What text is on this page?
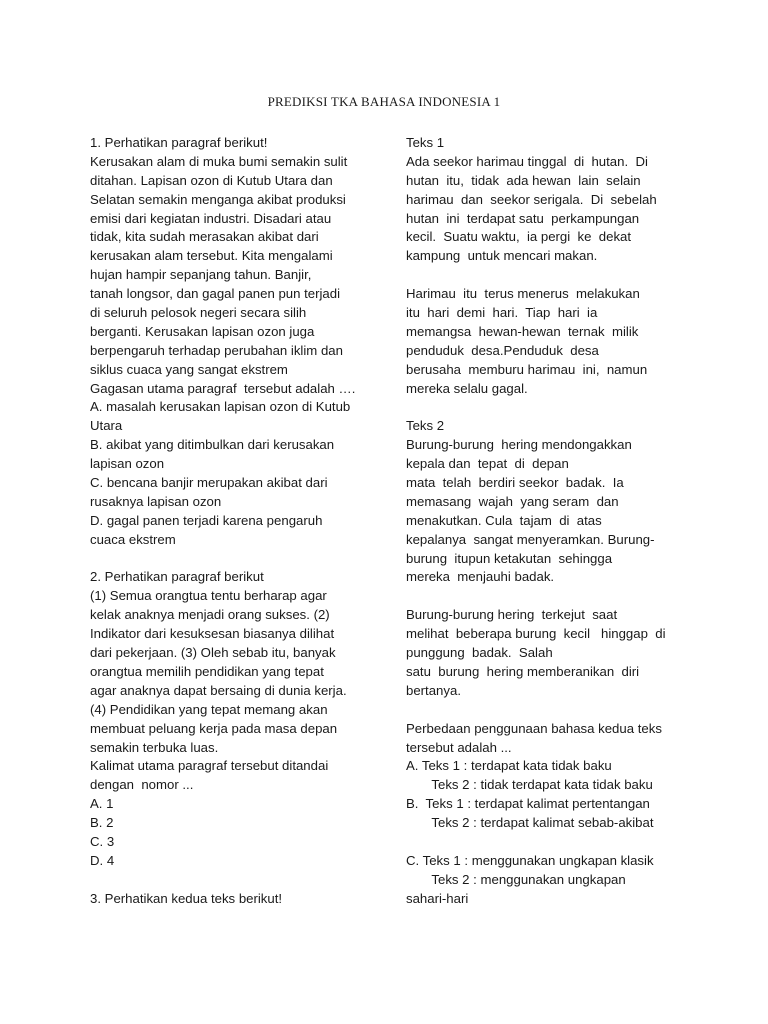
PREDIKSI TKA BAHASA INDONESIA 1
1. Perhatikan paragraf berikut!
Kerusakan alam di muka bumi semakin sulit
ditahan. Lapisan ozon di Kutub Utara dan
Selatan semakin menganga akibat produksi
emisi dari kegiatan industri. Disadari atau
tidak, kita sudah merasakan akibat dari
kerusakan alam tersebut. Kita mengalami
hujan hampir sepanjang tahun. Banjir,
tanah longsor, dan gagal panen pun terjadi
di seluruh pelosok negeri secara silih
berganti. Kerusakan lapisan ozon juga
berpengaruh terhadap perubahan iklim dan
siklus cuaca yang sangat ekstrem
Gagasan utama paragraf  tersebut adalah ….
A. masalah kerusakan lapisan ozon di Kutub
Utara
B. akibat yang ditimbulkan dari kerusakan
lapisan ozon
C. bencana banjir merupakan akibat dari
rusaknya lapisan ozon
D. gagal panen terjadi karena pengaruh
cuaca ekstrem
2. Perhatikan paragraf berikut
(1) Semua orangtua tentu berharap agar
kelak anaknya menjadi orang sukses. (2)
Indikator dari kesuksesan biasanya dilihat
dari pekerjaan. (3) Oleh sebab itu, banyak
orangtua memilih pendidikan yang tepat
agar anaknya dapat bersaing di dunia kerja.
(4) Pendidikan yang tepat memang akan
membuat peluang kerja pada masa depan
semakin terbuka luas.
Kalimat utama paragraf tersebut ditandai
dengan  nomor ...
A. 1
B. 2
C. 3
D. 4
3. Perhatikan kedua teks berikut!
Teks 1
Ada seekor harimau tinggal  di  hutan.  Di
hutan  itu,  tidak  ada hewan  lain  selain
harimau  dan  seekor serigala.  Di  sebelah
hutan  ini  terdapat satu  perkampungan
kecil.  Suatu waktu,  ia pergi  ke  dekat
kampung  untuk mencari makan.
Harimau  itu  terus menerus  melakukan
itu  hari  demi  hari.  Tiap  hari  ia
memangsa  hewan-hewan  ternak  milik
penduduk  desa.Penduduk  desa
berusaha  memburu harimau  ini,  namun
mereka selalu gagal.
Teks 2
Burung-burung  hering mendongakkan
kepala dan  tepat  di  depan
mata  telah  berdiri seekor  badak.  Ia
memasang  wajah  yang seram  dan
menakutkan. Cula  tajam  di  atas
kepalanya  sangat menyeramkan. Burung-
burung  itupun ketakutan  sehingga
mereka  menjauhi badak.
Burung-burung hering  terkejut  saat
melihat  beberapa burung  kecil   hinggap  di
punggung  badak.  Salah
satu  burung  hering memberanikan  diri
bertanya.
Perbedaan penggunaan bahasa kedua teks
tersebut adalah ...
A. Teks 1 : terdapat kata tidak baku
Teks 2 : tidak terdapat kata tidak baku
B.  Teks 1 : terdapat kalimat pertentangan
Teks 2 : terdapat kalimat sebab-akibat
C. Teks 1 : menggunakan ungkapan klasik
Teks 2 : menggunakan ungkapan
sahari-hari
